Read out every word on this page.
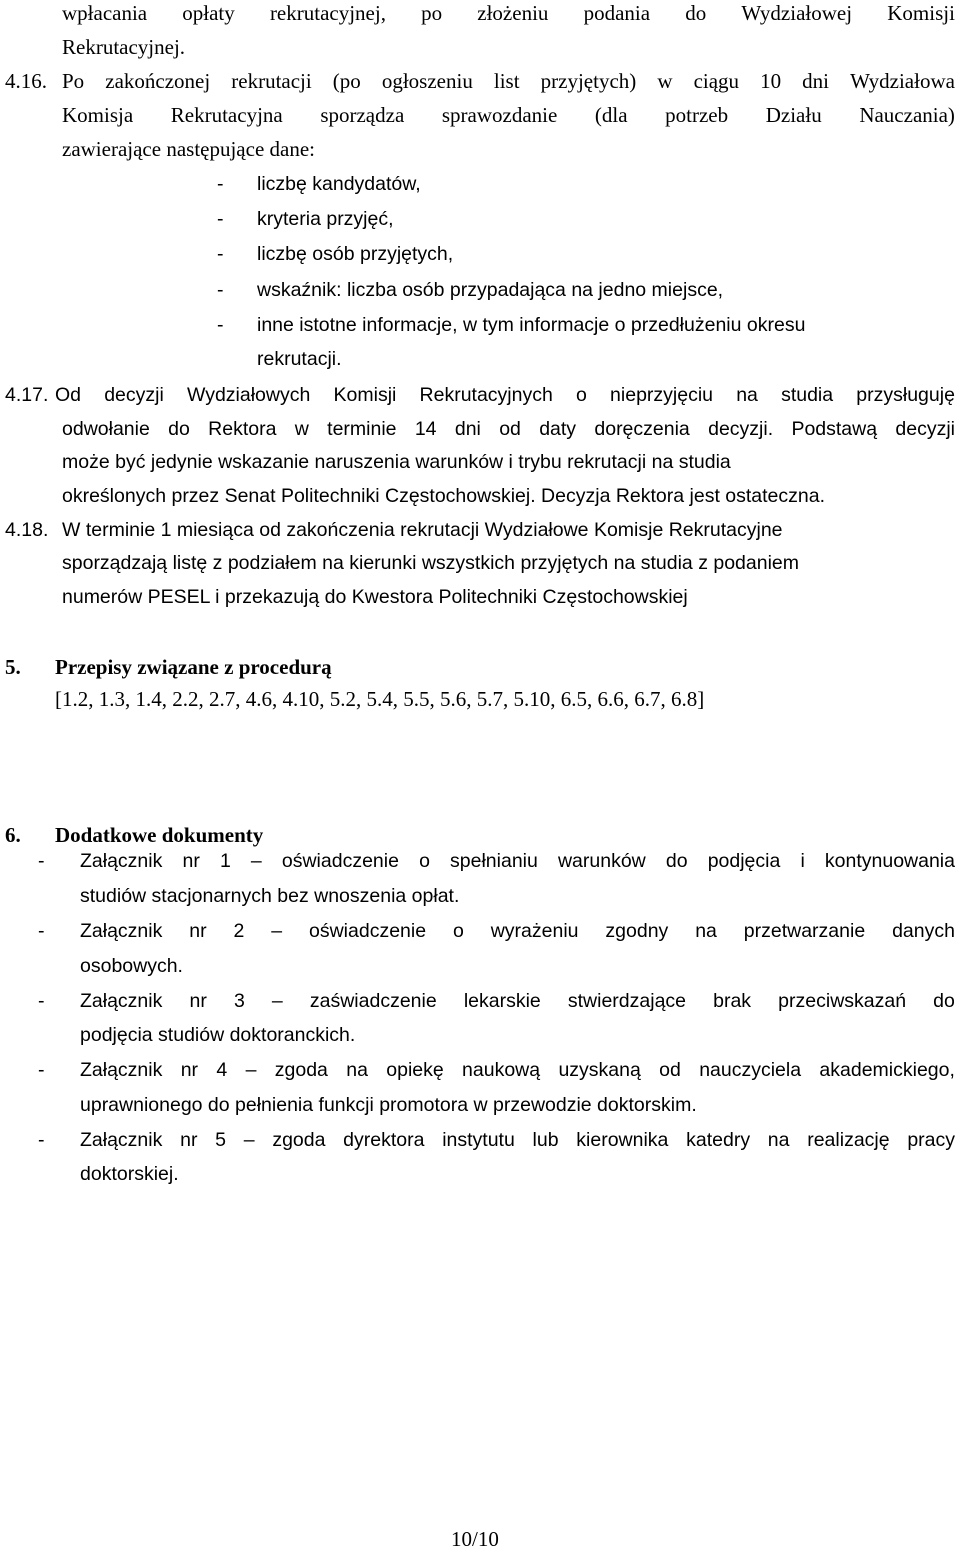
wpłacania opłaty rekrutacyjnej, po złożeniu podania do Wydziałowej Komisji
Rekrutacyjnej.
4.16. Po zakończonej rekrutacji (po ogłoszeniu list przyjętych) w ciągu 10 dni Wydziałowa
Komisja Rekrutacyjna sporządza sprawozdanie (dla potrzeb Działu Nauczania)
zawierające następujące dane:
- liczbę kandydatów,
- kryteria przyjęć,
- liczbę osób przyjętych,
- wskaźnik: liczba osób przypadająca na jedno miejsce,
- inne istotne informacje, w tym informacje o przedłużeniu okresu
rekrutacji.
4.17. Od decyzji Wydziałowych Komisji Rekrutacyjnych o nieprzyjęciu na studia przysługuję
odwołanie do Rektora w terminie 14 dni od daty doręczenia decyzji. Podstawą decyzji
może być jedynie wskazanie naruszenia warunków i trybu rekrutacji na studia
określonych przez Senat Politechniki Częstochowskiej. Decyzja Rektora jest ostateczna.
4.18. W terminie 1 miesiąca od zakończenia rekrutacji Wydziałowe Komisje Rekrutacyjne
sporządzają listę z podziałem na kierunki wszystkich przyjętych na studia z podaniem
numerów PESEL i przekazują do Kwestora Politechniki Częstochowskiej
5. Przepisy związane z procedurą
[1.2, 1.3, 1.4, 2.2, 2.7, 4.6, 4.10, 5.2, 5.4, 5.5, 5.6, 5.7, 5.10, 6.5, 6.6, 6.7, 6.8]
6. Dodatkowe dokumenty
- Załącznik nr 1 – oświadczenie o spełnianiu warunków do podjęcia i kontynuowania
studiów stacjonarnych bez wnoszenia opłat.
- Załącznik nr 2 – oświadczenie o wyrażeniu zgodny na przetwarzanie danych
osobowych.
- Załącznik nr 3 – zaświadczenie lekarskie stwierdzające brak przeciwskazań do
podjęcia studiów doktoranckich.
- Załącznik nr 4 – zgoda na opiekę naukową uzyskaną od nauczyciela akademickiego,
uprawnionego do pełnienia funkcji promotora w przewodzie doktorskim.
- Załącznik nr 5 – zgoda dyrektora instytutu lub kierownika katedry na realizację pracy
doktorskiej.
10/10
